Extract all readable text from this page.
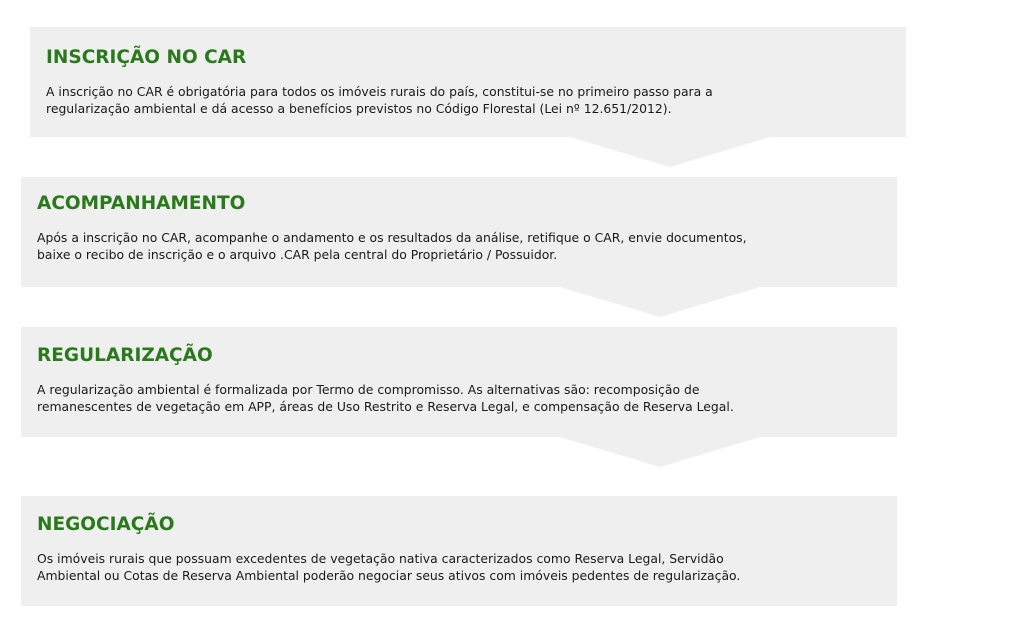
INSCRIÇÃO NO CAR

A inscrição no CAR é obrigatória para todos os imóveis rurais do país, constitui-se no primeiro passo para a
regularização ambiental e dá acesso a benefícios previstos no Código Florestal (Lei nº 12.651/2012).

ACOMPANHAMENTO

Após a inscrição no CAR, acompanhe o andamento e os resultados da análise, retifique o CAR, envie documentos,
baixe o recibo de inscrição e o arquivo .CAR pela central do Proprietário / Possuidor.

REGULARIZAÇÃO

A regularização ambiental é formalizada por Termo de compromisso. As alternativas são: recomposição de
remanescentes de vegetação em APP, áreas de Uso Restrito e Reserva Legal, e compensação de Reserva Legal.

NEGOCIAÇÃO

Os imóveis rurais que possuam excedentes de vegetação nativa caracterizados como Reserva Legal, Servidão
Ambiental ou Cotas de Reserva Ambiental poderão negociar seus ativos com imóveis pedentes de regularização.
